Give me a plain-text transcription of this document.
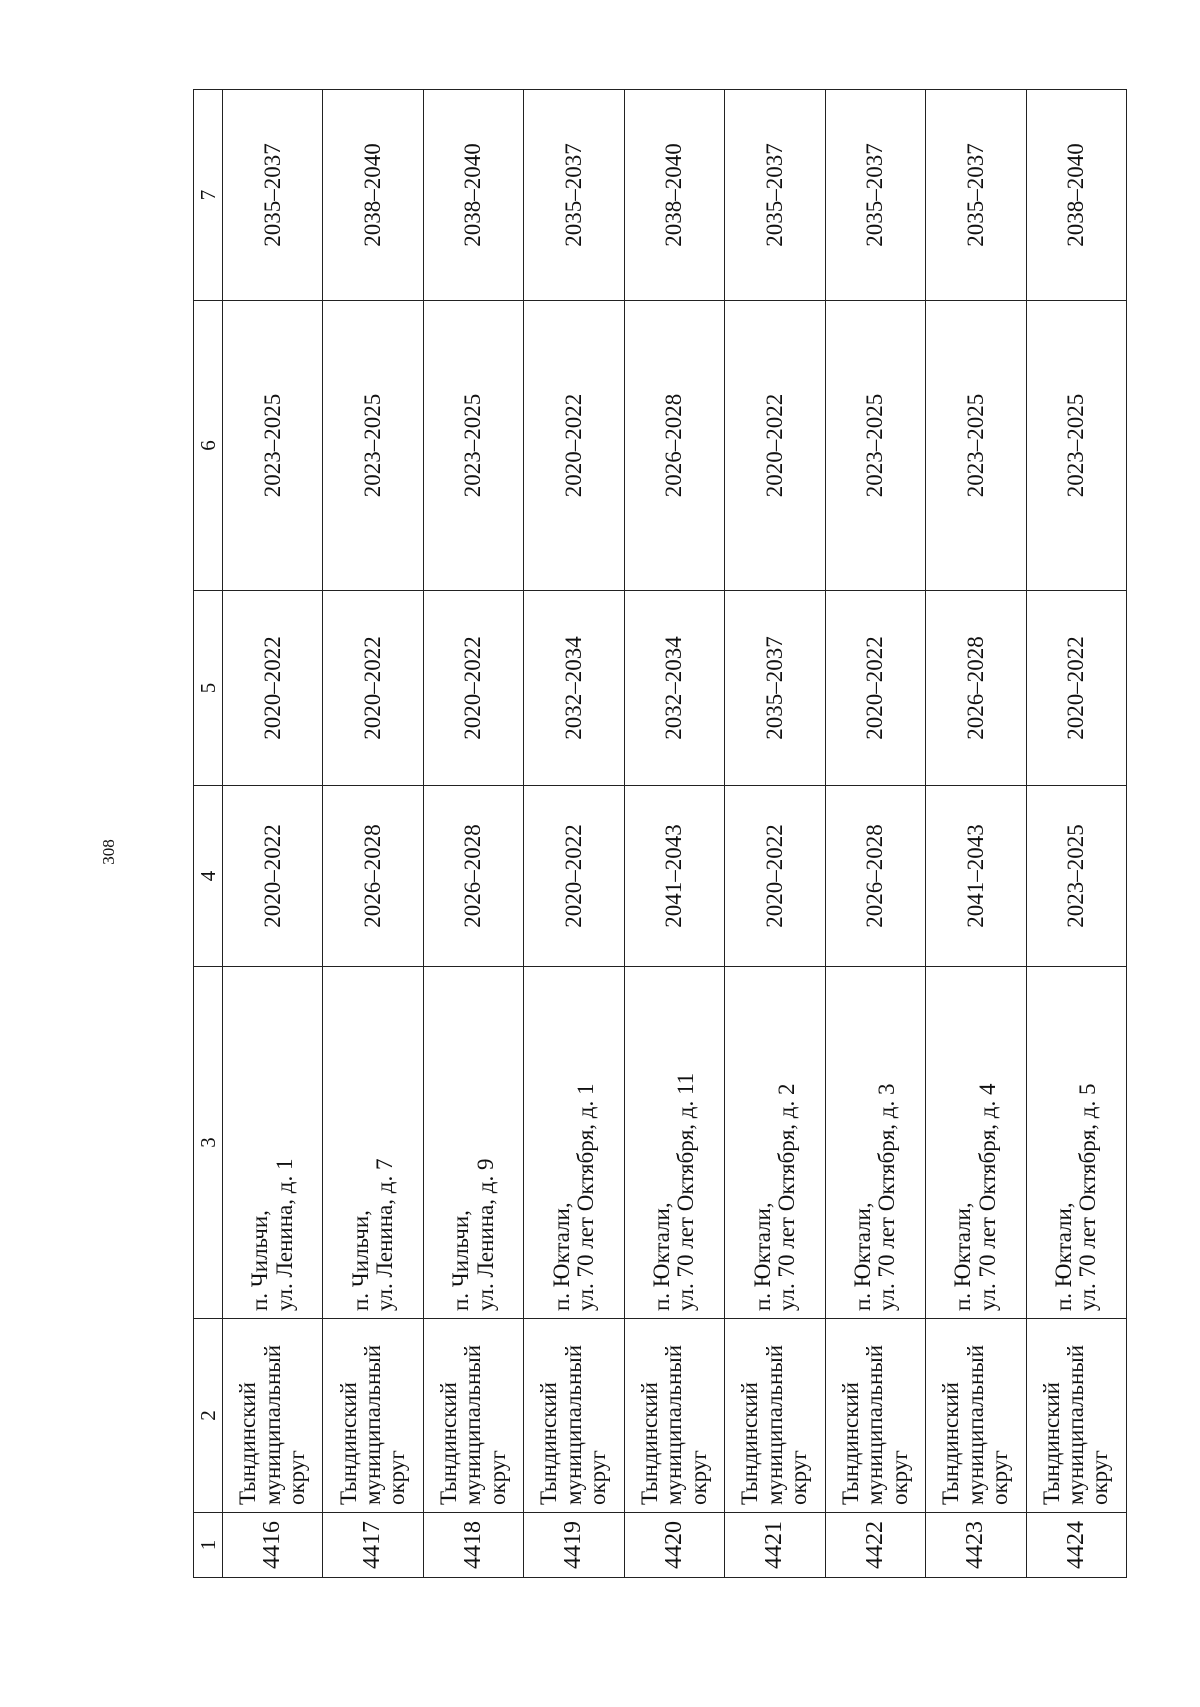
308
1	2	3	4	5	6	7
4416	Тындинский муниципальный округ	п. Чильчи, ул. Ленина, д. 1	2020–2022	2020–2022	2023–2025	2035–2037
4417	Тындинский муниципальный округ	п. Чильчи, ул. Ленина, д. 7	2026–2028	2020–2022	2023–2025	2038–2040
4418	Тындинский муниципальный округ	п. Чильчи, ул. Ленина, д. 9	2026–2028	2020–2022	2023–2025	2038–2040
4419	Тындинский муниципальный округ	п. Юктали, ул. 70 лет Октября, д. 1	2020–2022	2032–2034	2020–2022	2035–2037
4420	Тындинский муниципальный округ	п. Юктали, ул. 70 лет Октября, д. 11	2041–2043	2032–2034	2026–2028	2038–2040
4421	Тындинский муниципальный округ	п. Юктали, ул. 70 лет Октября, д. 2	2020–2022	2035–2037	2020–2022	2035–2037
4422	Тындинский муниципальный округ	п. Юктали, ул. 70 лет Октября, д. 3	2026–2028	2020–2022	2023–2025	2035–2037
4423	Тындинский муниципальный округ	п. Юктали, ул. 70 лет Октября, д. 4	2041–2043	2026–2028	2023–2025	2035–2037
4424	Тындинский муниципальный округ	п. Юктали, ул. 70 лет Октября, д. 5	2023–2025	2020–2022	2023–2025	2038–2040
